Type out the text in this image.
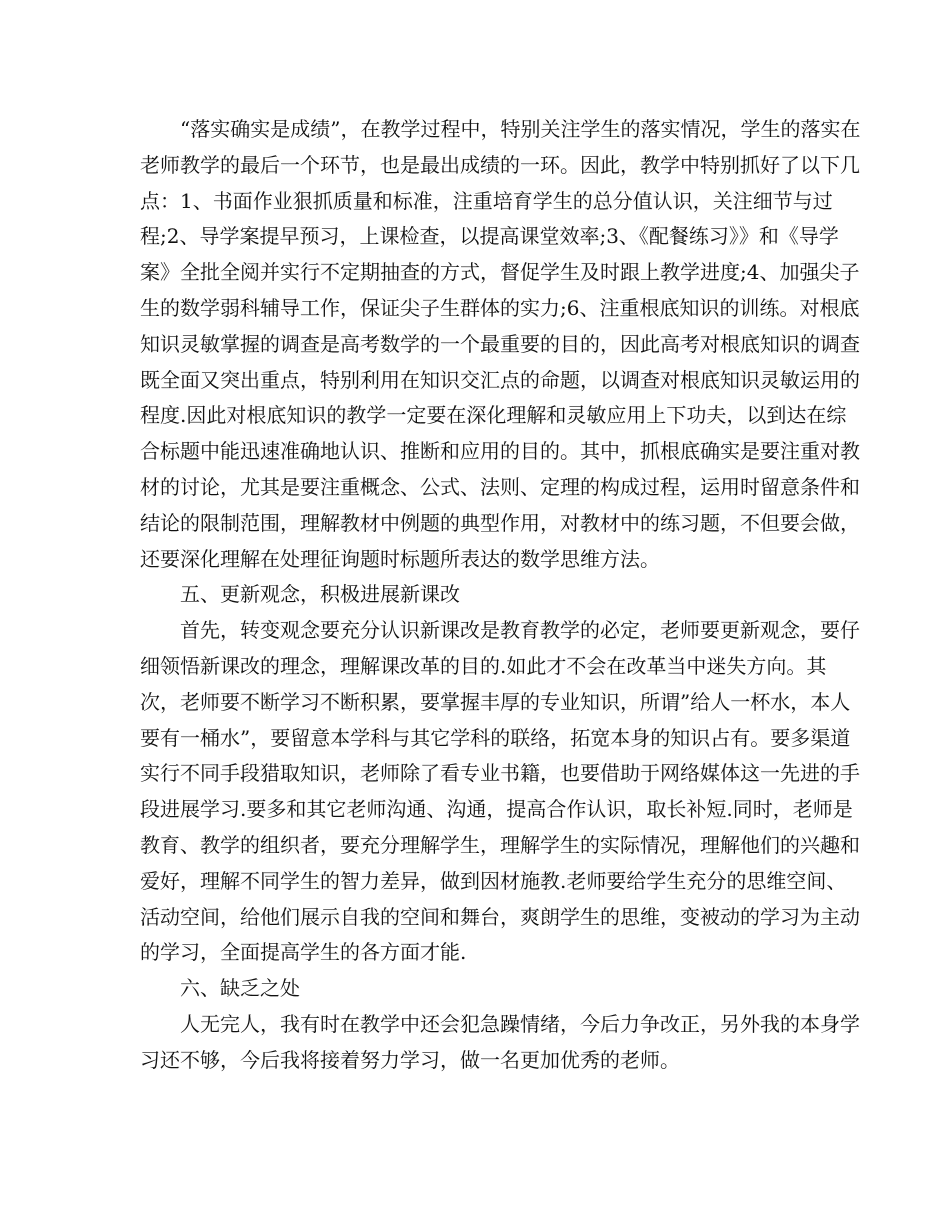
“落实确实是成绩”，在教学过程中，特别关注学生的落实情况，学生的落实在
老师教学的最后一个环节，也是最出成绩的一环。因此，教学中特别抓好了以下几
点：1、书面作业狠抓质量和标准，注重培育学生的总分值认识，关注细节与过
程;2、导学案提早预习，上课检查，以提高课堂效率;3、《配餐练习》》和《导学
案》全批全阅并实行不定期抽查的方式，督促学生及时跟上教学进度;4、加强尖子
生的数学弱科辅导工作，保证尖子生群体的实力;6、注重根底知识的训练。对根底
知识灵敏掌握的调查是高考数学的一个最重要的目的，因此高考对根底知识的调查
既全面又突出重点，特别利用在知识交汇点的命题，以调查对根底知识灵敏运用的
程度.因此对根底知识的教学一定要在深化理解和灵敏应用上下功夫，以到达在综
合标题中能迅速准确地认识、推断和应用的目的。其中，抓根底确实是要注重对教
材的讨论，尤其是要注重概念、公式、法则、定理的构成过程，运用时留意条件和
结论的限制范围，理解教材中例题的典型作用，对教材中的练习题，不但要会做，
还要深化理解在处理征询题时标题所表达的数学思维方法。
五、更新观念，积极进展新课改
首先，转变观念要充分认识新课改是教育教学的必定，老师要更新观念，要仔
细领悟新课改的理念，理解课改革的目的.如此才不会在改革当中迷失方向。其
次，老师要不断学习不断积累，要掌握丰厚的专业知识，所谓”给人一杯水，本人
要有一桶水”，要留意本学科与其它学科的联络，拓宽本身的知识占有。要多渠道
实行不同手段猎取知识，老师除了看专业书籍，也要借助于网络媒体这一先进的手
段进展学习.要多和其它老师沟通、沟通，提高合作认识，取长补短.同时，老师是
教育、教学的组织者，要充分理解学生，理解学生的实际情况，理解他们的兴趣和
爱好，理解不同学生的智力差异，做到因材施教.老师要给学生充分的思维空间、
活动空间，给他们展示自我的空间和舞台，爽朗学生的思维，变被动的学习为主动
的学习，全面提高学生的各方面才能.
六、缺乏之处
人无完人，我有时在教学中还会犯急躁情绪，今后力争改正，另外我的本身学
习还不够，今后我将接着努力学习，做一名更加优秀的老师。
